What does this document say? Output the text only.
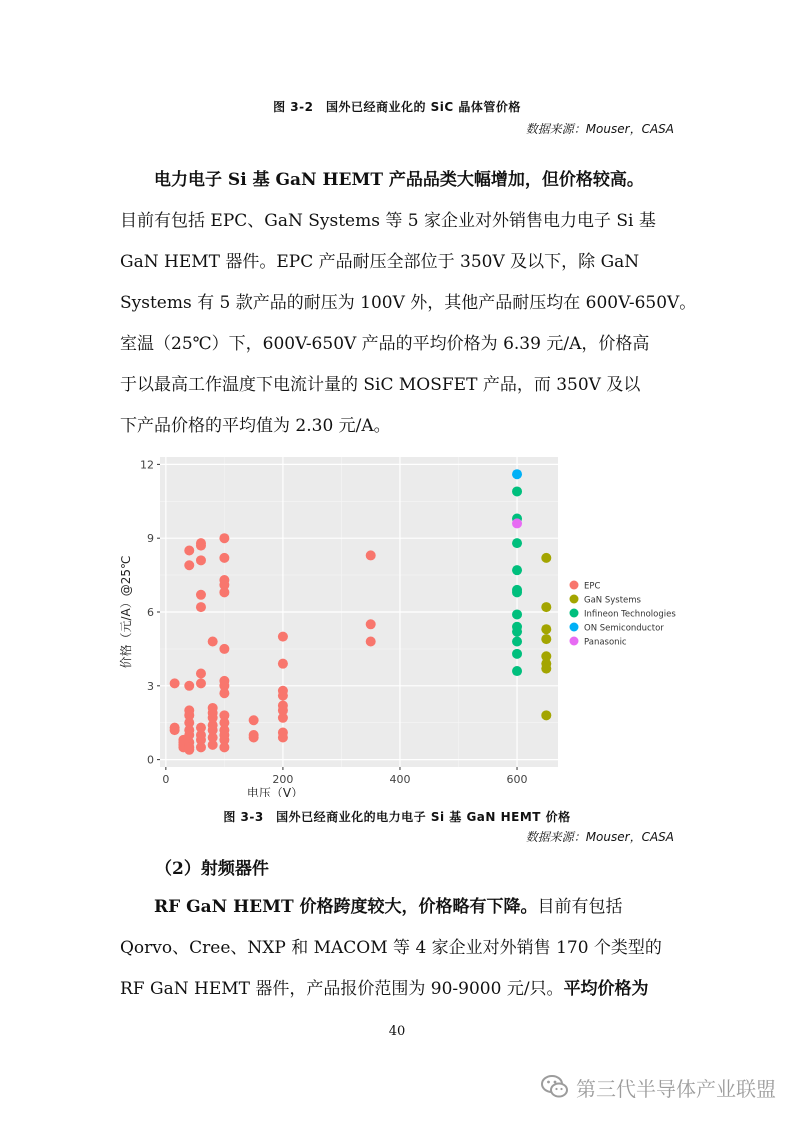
图 3-2　国外已经商业化的 SiC 晶体管价格
数据来源：Mouser，CASA
电力电子 Si 基 GaN HEMT 产品品类大幅增加，但价格较高。
目前有包括 EPC、GaN Systems 等 5 家企业对外销售电力电子 Si 基
GaN HEMT 器件。EPC 产品耐压全部位于 350V 及以下，除 GaN
Systems 有 5 款产品的耐压为 100V 外，其他产品耐压均在 600V-650V。
室温（25℃）下，600V-650V 产品的平均价格为 6.39 元/A，价格高
于以最高工作温度下电流计量的 SiC MOSFET 产品，而 350V 及以
下产品价格的平均值为 2.30 元/A。
0
3
6
9
12
0	200	400	600
电压（V）
价格（元/A）@25℃	EPC
GaN Systems
Infineon Technologies
ON Semiconductor
Panasonic
图 3-3　国外已经商业化的电力电子 Si 基 GaN HEMT 价格
数据来源：Mouser，CASA
（2）射频器件
RF GaN HEMT 价格跨度较大，价格略有下降。目前有包括
Qorvo、Cree、NXP 和 MACOM 等 4 家企业对外销售 170 个类型的
RF GaN HEMT 器件，产品报价范围为 90-9000 元/只。平均价格为
40
第三代半导体产业联盟
